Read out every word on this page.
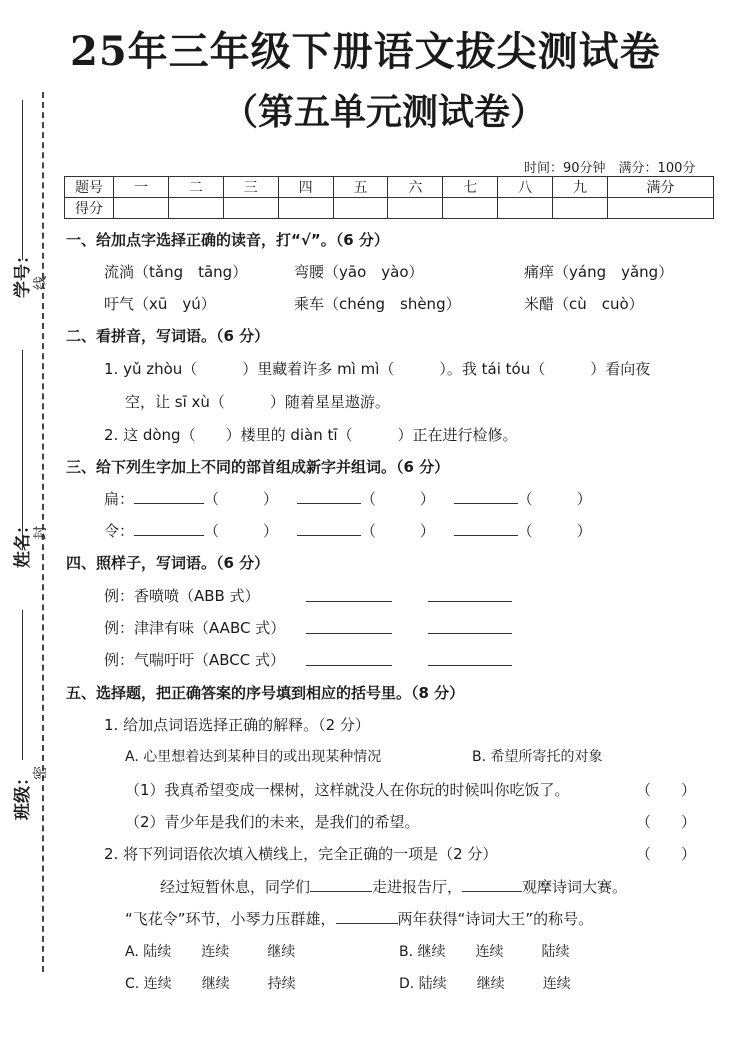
学号：
姓名：
班级：
线
封
密
25年三年级下册语文拔尖测试卷
（第五单元测试卷）
时间：90分钟　满分：100分
题号	一	二	三	四	五	六	七	八	九	满分
得分										
一、给加点字选择正确的读音，打“√”。（6 分）
流淌（tǎng　tāng）	弯腰（yāo　yào）	痛痒（yáng　yǎng）
吁气（xū　yú）	乘车（chéng　shèng）	米醋（cù　cuò）
二、看拼音，写词语。（6 分）
1. yǔ zhòu（　　　）里藏着许多 mì mì（　　　）。我 tái tóu（　　　）看向夜
空，让 sī xù（　　　）随着星星遨游。
2. 这 dòng（　　）楼里的 diàn tī（　　　）正在进行检修。
三、给下列生字加上不同的部首组成新字并组词。（6 分）
扁：	（	）	（	）	（	）
令：	（	）	（	）	（	）
四、照样子，写词语。（6 分）
例：香喷喷（ABB 式）
例：津津有味（AABC 式）
例：气喘吁吁（ABCC 式）
五、选择题，把正确答案的序号填到相应的括号里。（8 分）
1. 给加点词语选择正确的解释。（2 分）
A. 心里想着达到某种目的或出现某种情况	B. 希望所寄托的对象
（1）我真希望变成一棵树，这样就没人在你玩的时候叫你吃饭了。	（　　）
（2）青少年是我们的未来，是我们的希望。	（　　）
2. 将下列词语依次填入横线上，完全正确的一项是（2 分）	（　　）
经过短暂休息，同学们	走进报告厅，	观摩诗词大赛。
“飞花令”环节，小琴力压群雄，	两年获得“诗词大王”的称号。
A. 陆续 连续	继续	B. 继续 连续	陆续
C. 连续 继续	持续	D. 陆续 继续	连续
